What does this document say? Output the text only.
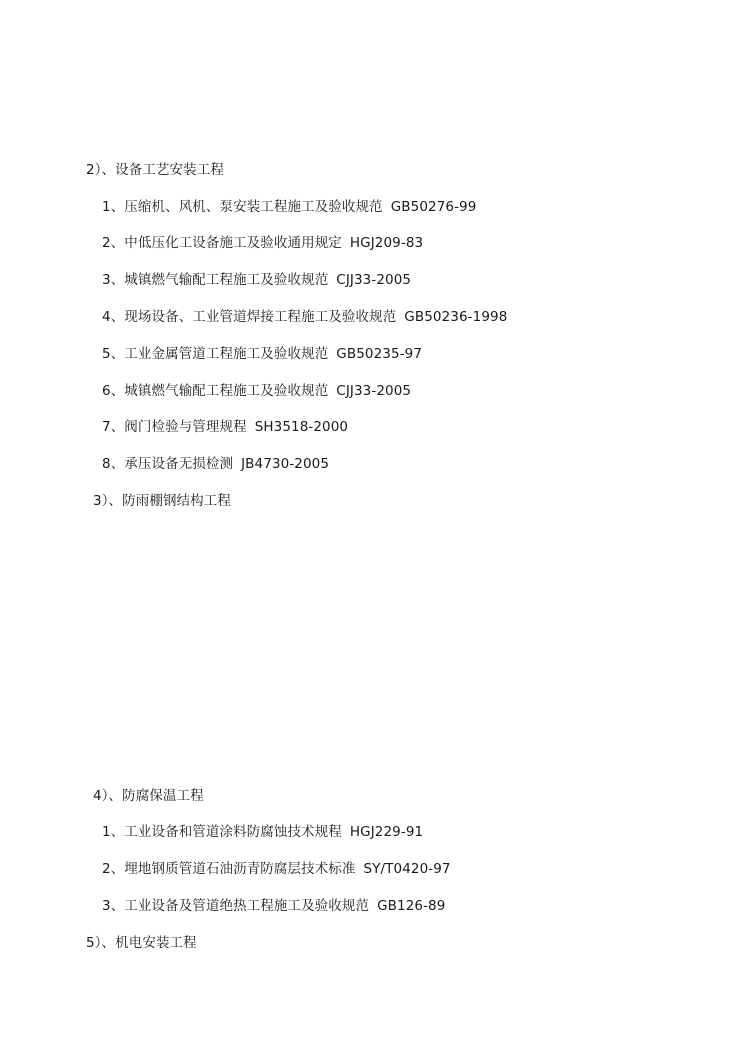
2）、设备工艺安装工程
1、压缩机、风机、泵安装工程施工及验收规范 GB50276-99
2、中低压化工设备施工及验收通用规定 HGJ209-83
3、城镇燃气输配工程施工及验收规范 CJJ33-2005
4、现场设备、工业管道焊接工程施工及验收规范 GB50236-1998
5、工业金属管道工程施工及验收规范 GB50235-97
6、城镇燃气输配工程施工及验收规范 CJJ33-2005
7、阀门检验与管理规程 SH3518-2000
8、承压设备无损检测 JB4730-2005
3）、防雨棚钢结构工程
4）、防腐保温工程
1、工业设备和管道涂料防腐蚀技术规程 HGJ229-91
2、埋地钢质管道石油沥青防腐层技术标准 SY/T0420-97
3、工业设备及管道绝热工程施工及验收规范 GB126-89
5）、机电安装工程
